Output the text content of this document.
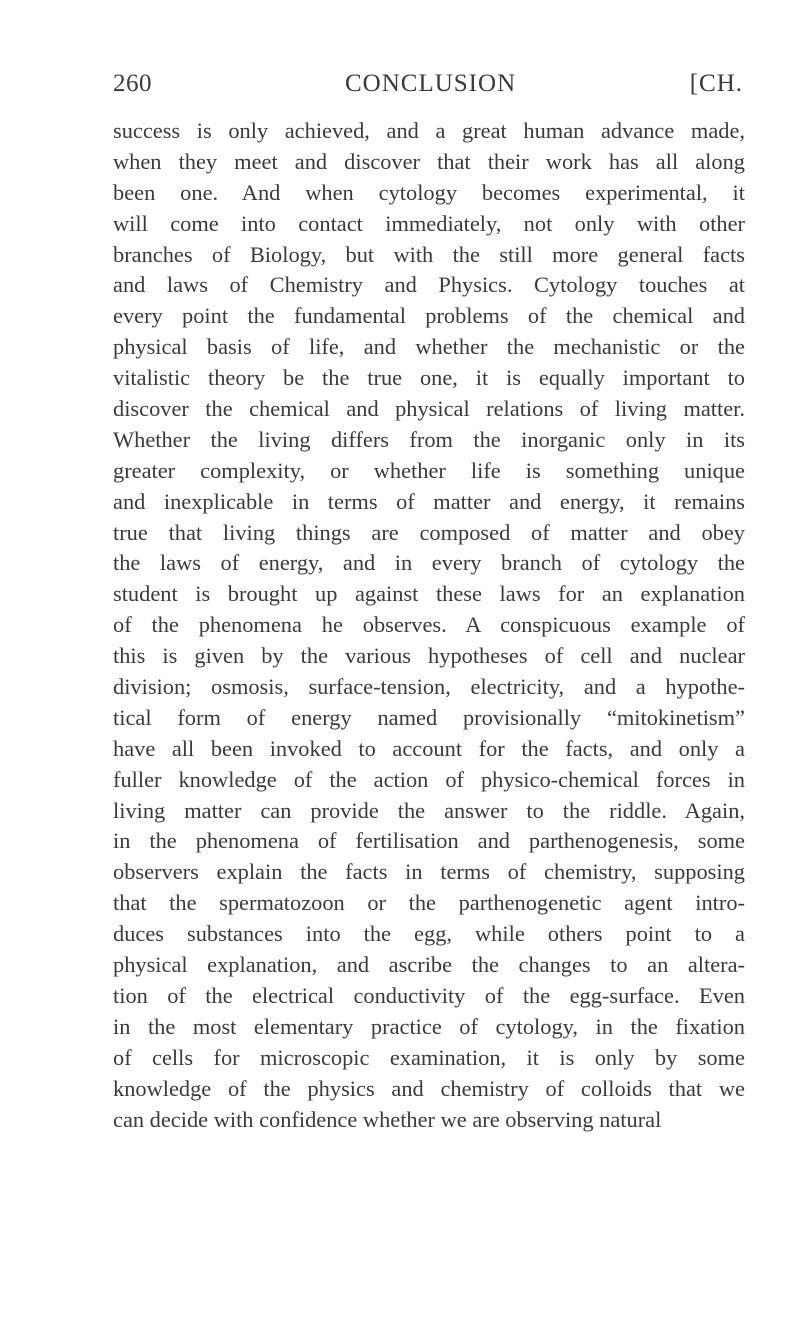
260	CONCLUSION	[CH.
success is only achieved, and a great human advance made,
when they meet and discover that their work has all along
been one. And when cytology becomes experimental, it
will come into contact immediately, not only with other
branches of Biology, but with the still more general facts
and laws of Chemistry and Physics. Cytology touches at
every point the fundamental problems of the chemical and
physical basis of life, and whether the mechanistic or the
vitalistic theory be the true one, it is equally important to
discover the chemical and physical relations of living matter.
Whether the living differs from the inorganic only in its
greater complexity, or whether life is something unique
and inexplicable in terms of matter and energy, it remains
true that living things are composed of matter and obey
the laws of energy, and in every branch of cytology the
student is brought up against these laws for an explanation
of the phenomena he observes. A conspicuous example of
this is given by the various hypotheses of cell and nuclear
division; osmosis, surface-tension, electricity, and a hypothe-
tical form of energy named provisionally “mitokinetism”
have all been invoked to account for the facts, and only a
fuller knowledge of the action of physico-chemical forces in
living matter can provide the answer to the riddle. Again,
in the phenomena of fertilisation and parthenogenesis, some
observers explain the facts in terms of chemistry, supposing
that the spermatozoon or the parthenogenetic agent intro-
duces substances into the egg, while others point to a
physical explanation, and ascribe the changes to an altera-
tion of the electrical conductivity of the egg-surface. Even
in the most elementary practice of cytology, in the fixation
of cells for microscopic examination, it is only by some
knowledge of the physics and chemistry of colloids that we
can decide with confidence whether we are observing natural
